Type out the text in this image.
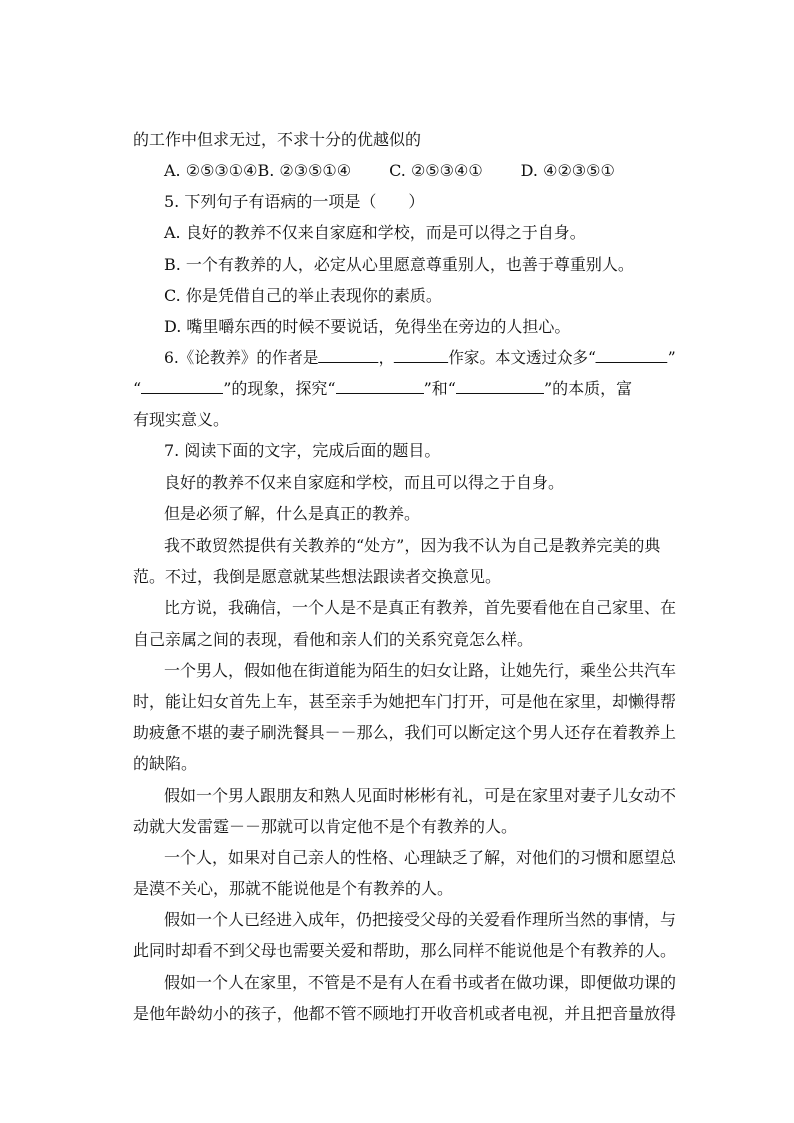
的工作中但求无过，不求十分的优越似的
A. ②⑤③①④B. ②③⑤①④ C. ②⑤③④① D. ④②③⑤①
5. 下列句子有语病的一项是（　　）
A. 良好的教养不仅来自家庭和学校，而是可以得之于自身。
B. 一个有教养的人，必定从心里愿意尊重别人，也善于尊重别人。
C. 你是凭借自己的举止表现你的素质。
D. 嘴里嚼东西的时候不要说话，免得坐在旁边的人担心。
6.《论教养》的作者是	，	作家。本文透过众多“	”
“	”的现象，探究“	”和“	”的本质，富
有现实意义。
7. 阅读下面的文字，完成后面的题目。
良好的教养不仅来自家庭和学校，而且可以得之于自身。
但是必须了解，什么是真正的教养。
我不敢贸然提供有关教养的“处方”，因为我不认为自己是教养完美的典
范。不过，我倒是愿意就某些想法跟读者交换意见。
比方说，我确信，一个人是不是真正有教养，首先要看他在自己家里、在
自己亲属之间的表现，看他和亲人们的关系究竟怎么样。
一个男人，假如他在街道能为陌生的妇女让路，让她先行，乘坐公共汽车
时，能让妇女首先上车，甚至亲手为她把车门打开，可是他在家里，却懒得帮
助疲惫不堪的妻子刷洗餐具－－那么，我们可以断定这个男人还存在着教养上
的缺陷。
假如一个男人跟朋友和熟人见面时彬彬有礼，可是在家里对妻子儿女动不
动就大发雷霆－－那就可以肯定他不是个有教养的人。
一个人，如果对自己亲人的性格、心理缺乏了解，对他们的习惯和愿望总
是漠不关心，那就不能说他是个有教养的人。
假如一个人已经进入成年，仍把接受父母的关爱看作理所当然的事情，与
此同时却看不到父母也需要关爱和帮助，那么同样不能说他是个有教养的人。
假如一个人在家里，不管是不是有人在看书或者在做功课，即便做功课的
是他年龄幼小的孩子，他都不管不顾地打开收音机或者电视，并且把音量放得
